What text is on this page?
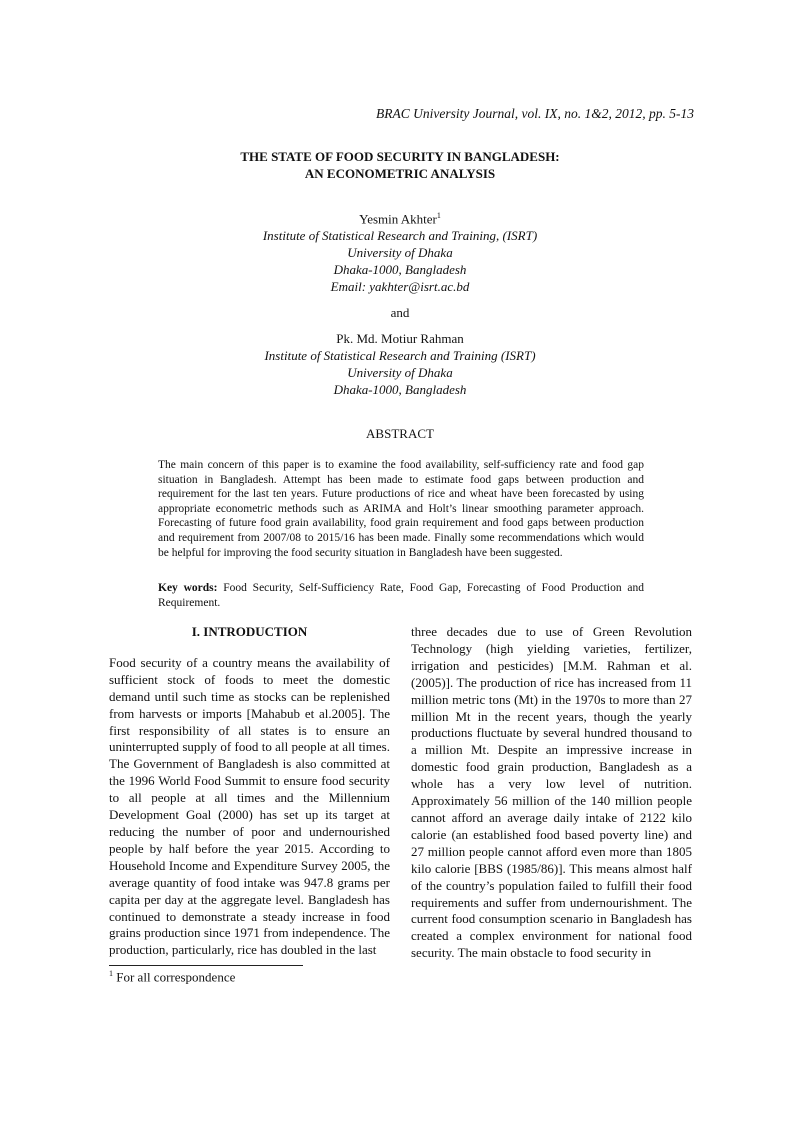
BRAC University Journal, vol. IX, no. 1&2, 2012, pp. 5-13
THE STATE OF FOOD SECURITY IN BANGLADESH:
AN ECONOMETRIC ANALYSIS
Yesmin Akhter$^1$
Institute of Statistical Research and Training, (ISRT)
University of Dhaka
Dhaka-1000, Bangladesh
Email: yakhter@isrt.ac.bd
and
Pk. Md. Motiur Rahman
Institute of Statistical Research and Training (ISRT)
University of Dhaka
Dhaka-1000, Bangladesh
ABSTRACT
The main concern of this paper is to examine the food availability, self-sufficiency rate and food gap situation in Bangladesh. Attempt has been made to estimate food gaps between production and requirement for the last ten years. Future productions of rice and wheat have been forecasted by using appropriate econometric methods such as ARIMA and Holt’s linear smoothing parameter approach. Forecasting of future food grain availability, food grain requirement and food gaps between production and requirement from 2007/08 to 2015/16 has been made. Finally some recommendations which would be helpful for improving the food security situation in Bangladesh have been suggested.
Key words: Food Security, Self-Sufficiency Rate, Food Gap, Forecasting of Food Production and Requirement.
I. INTRODUCTION

Food security of a country means the availability of sufficient stock of foods to meet the domestic demand until such time as stocks can be replenished from harvests or imports [Mahabub et al.2005]. The first responsibility of all states is to ensure an uninterrupted supply of food to all people at all times. The Government of Bangladesh is also committed at the 1996 World Food Summit to ensure food security to all people at all times and the Millennium Development Goal (2000) has set up its target at reducing the number of poor and undernourished people by half before the year 2015. According to Household Income and Expenditure Survey 2005, the average quantity of food intake was 947.8 grams per capita per day at the aggregate level. Bangladesh has continued to demonstrate a steady increase in food grains production since 1971 from independence. The production, particularly, rice has doubled in the last

three decades due to use of Green Revolution Technology (high yielding varieties, fertilizer, irrigation and pesticides) [M.M. Rahman et al. (2005)]. The production of rice has increased from 11 million metric tons (Mt) in the 1970s to more than 27 million Mt in the recent years, though the yearly productions fluctuate by several hundred thousand to a million Mt. Despite an impressive increase in domestic food grain production, Bangladesh as a whole has a very low level of nutrition. Approximately 56 million of the 140 million people cannot afford an average daily intake of 2122 kilo calorie (an established food based poverty line) and 27 million people cannot afford even more than 1805 kilo calorie [BBS (1985/86)]. This means almost half of the country’s population failed to fulfill their food requirements and suffer from undernourishment. The current food consumption scenario in Bangladesh has created a complex environment for national food security. The main obstacle to food security in

$^1$ For all correspondence
